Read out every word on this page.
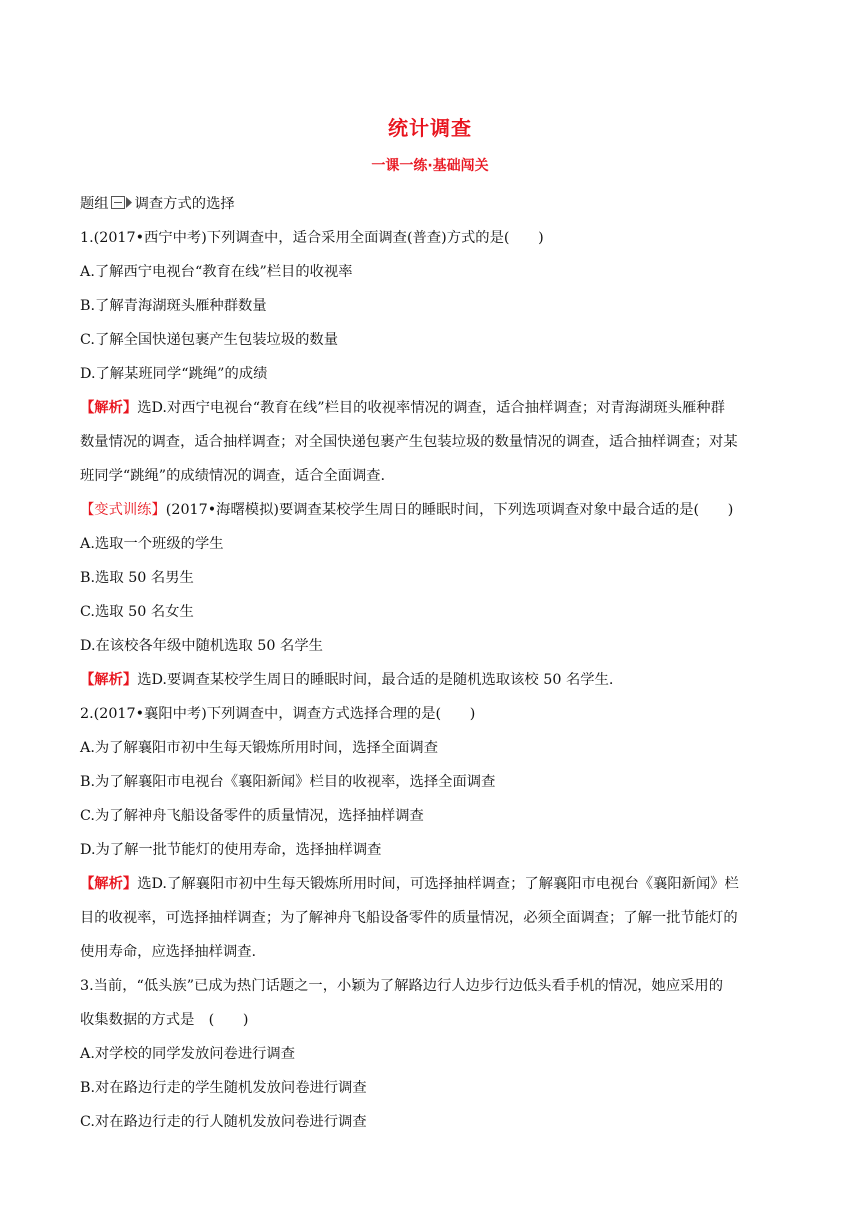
统计调查
一课一练·基础闯关
题组 调查方式的选择
1.(2017•西宁中考)下列调查中，适合采用全面调查(普查)方式的是(　　)
A.了解西宁电视台“教育在线”栏目的收视率
B.了解青海湖斑头雁种群数量
C.了解全国快递包裹产生包装垃圾的数量
D.了解某班同学“跳绳”的成绩
【解析】选D.对西宁电视台“教育在线”栏目的收视率情况的调查，适合抽样调查；对青海湖斑头雁种群
数量情况的调查，适合抽样调查；对全国快递包裹产生包装垃圾的数量情况的调查，适合抽样调查；对某
班同学“跳绳”的成绩情况的调查，适合全面调查.
【变式训练】(2017•海曙模拟)要调查某校学生周日的睡眠时间，下列选项调查对象中最合适的是(　　)
A.选取一个班级的学生
B.选取 50 名男生
C.选取 50 名女生
D.在该校各年级中随机选取 50 名学生
【解析】选D.要调查某校学生周日的睡眠时间，最合适的是随机选取该校 50 名学生.
2.(2017•襄阳中考)下列调查中，调查方式选择合理的是(　　)
A.为了解襄阳市初中生每天锻炼所用时间，选择全面调查
B.为了解襄阳市电视台《襄阳新闻》栏目的收视率，选择全面调查
C.为了解神舟飞船设备零件的质量情况，选择抽样调查
D.为了解一批节能灯的使用寿命，选择抽样调查
【解析】选D.了解襄阳市初中生每天锻炼所用时间，可选择抽样调查；了解襄阳市电视台《襄阳新闻》栏
目的收视率，可选择抽样调查；为了解神舟飞船设备零件的质量情况，必须全面调查；了解一批节能灯的
使用寿命，应选择抽样调查.
3.当前，“低头族”已成为热门话题之一，小颖为了解路边行人边步行边低头看手机的情况，她应采用的
收集数据的方式是　(　　)
A.对学校的同学发放问卷进行调查
B.对在路边行走的学生随机发放问卷进行调查
C.对在路边行走的行人随机发放问卷进行调查
